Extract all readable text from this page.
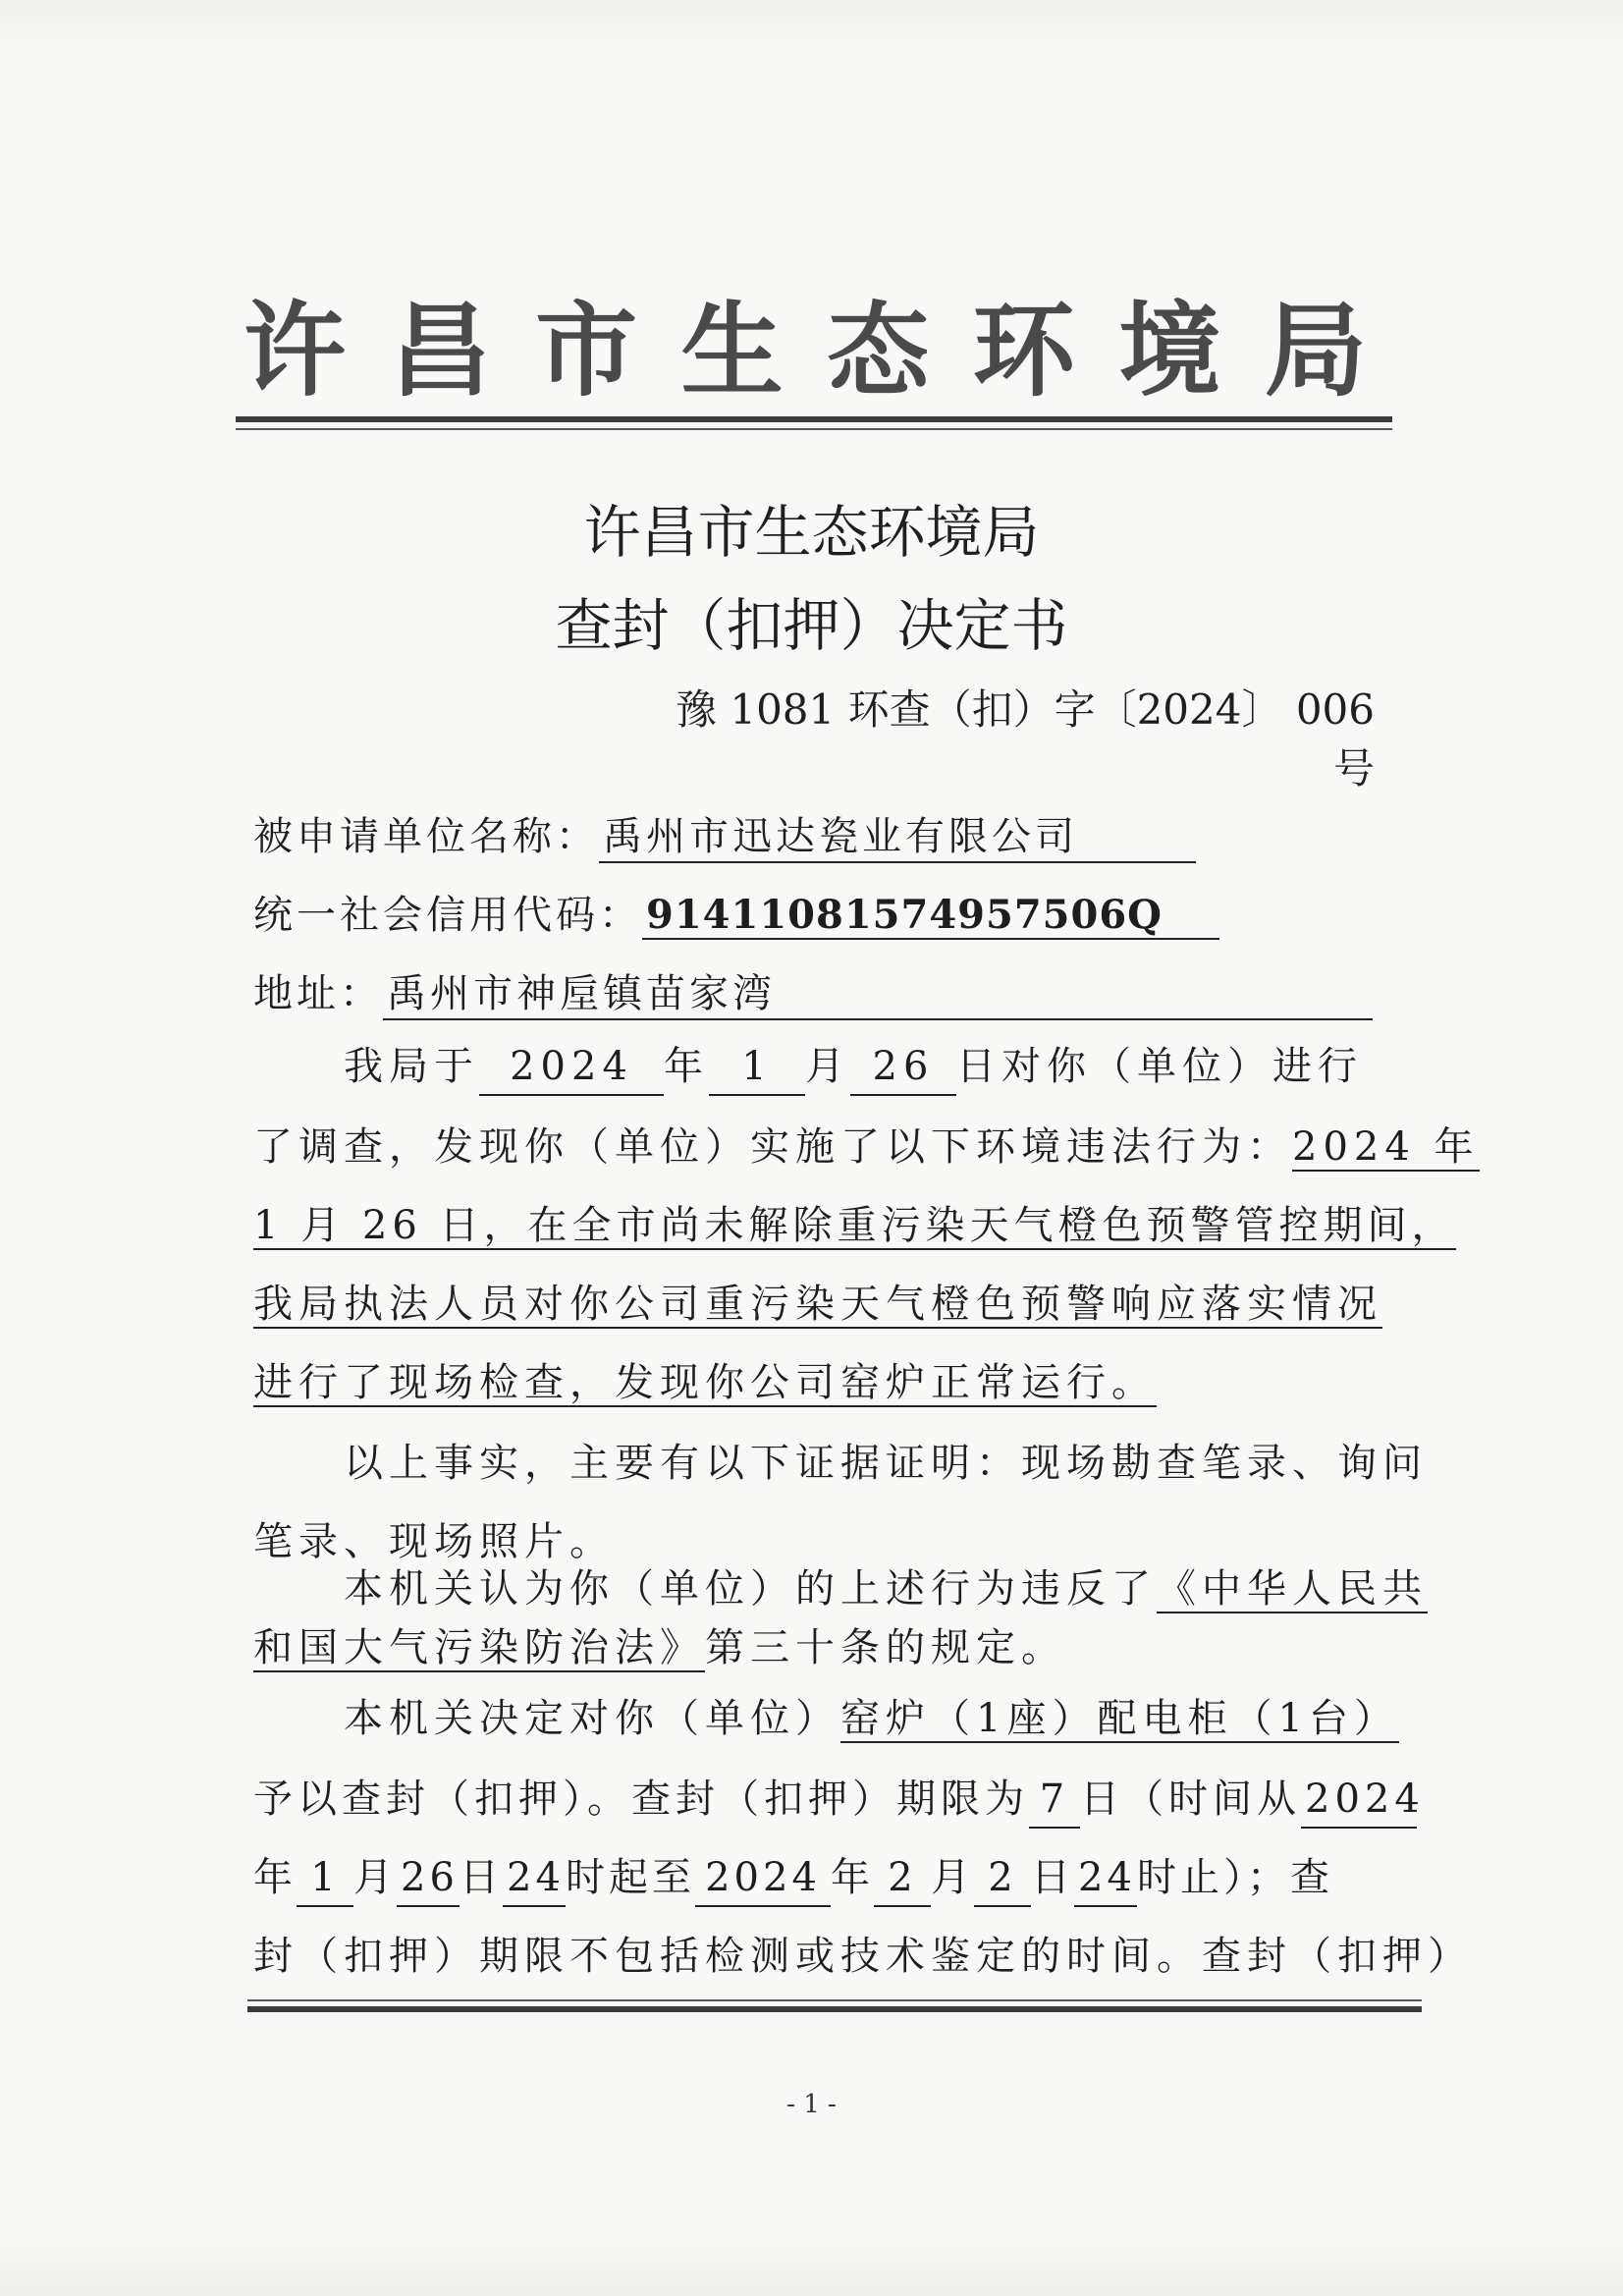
许 昌 市 生 态 环 境 局
许昌市生态环境局
查封（扣押）决定书
豫 1081 环查（扣）字〔2024〕 006 号
被申请单位名称： 禹州市迅达瓷业有限公司
统一社会信用代码： 91411081574957506Q
地址： 禹州市神垕镇苗家湾
我局于 2024 年 1 月 26 日对你（单位）进行
了调查，发现你（单位）实施了以下环境违法行为：2024 年
1 月 26 日，在全市尚未解除重污染天气橙色预警管控期间，
我局执法人员对你公司重污染天气橙色预警响应落实情况
进行了现场检查，发现你公司窑炉正常运行。
以上事实，主要有以下证据证明：现场勘查笔录、询问
笔录、现场照片。
本机关认为你（单位）的上述行为违反了《中华人民共
和国大气污染防治法》第三十条的规定。
本机关决定对你（单位）窑炉（1座）配电柜（1台）
予以查封（扣押）。查封（扣押）期限为 7 日（时间从 2024
年 1 月 26日 24时起至 2024 年 2 月 2 日 24时止）；查
封（扣押）期限不包括检测或技术鉴定的时间。查封（扣押）
- 1 -
